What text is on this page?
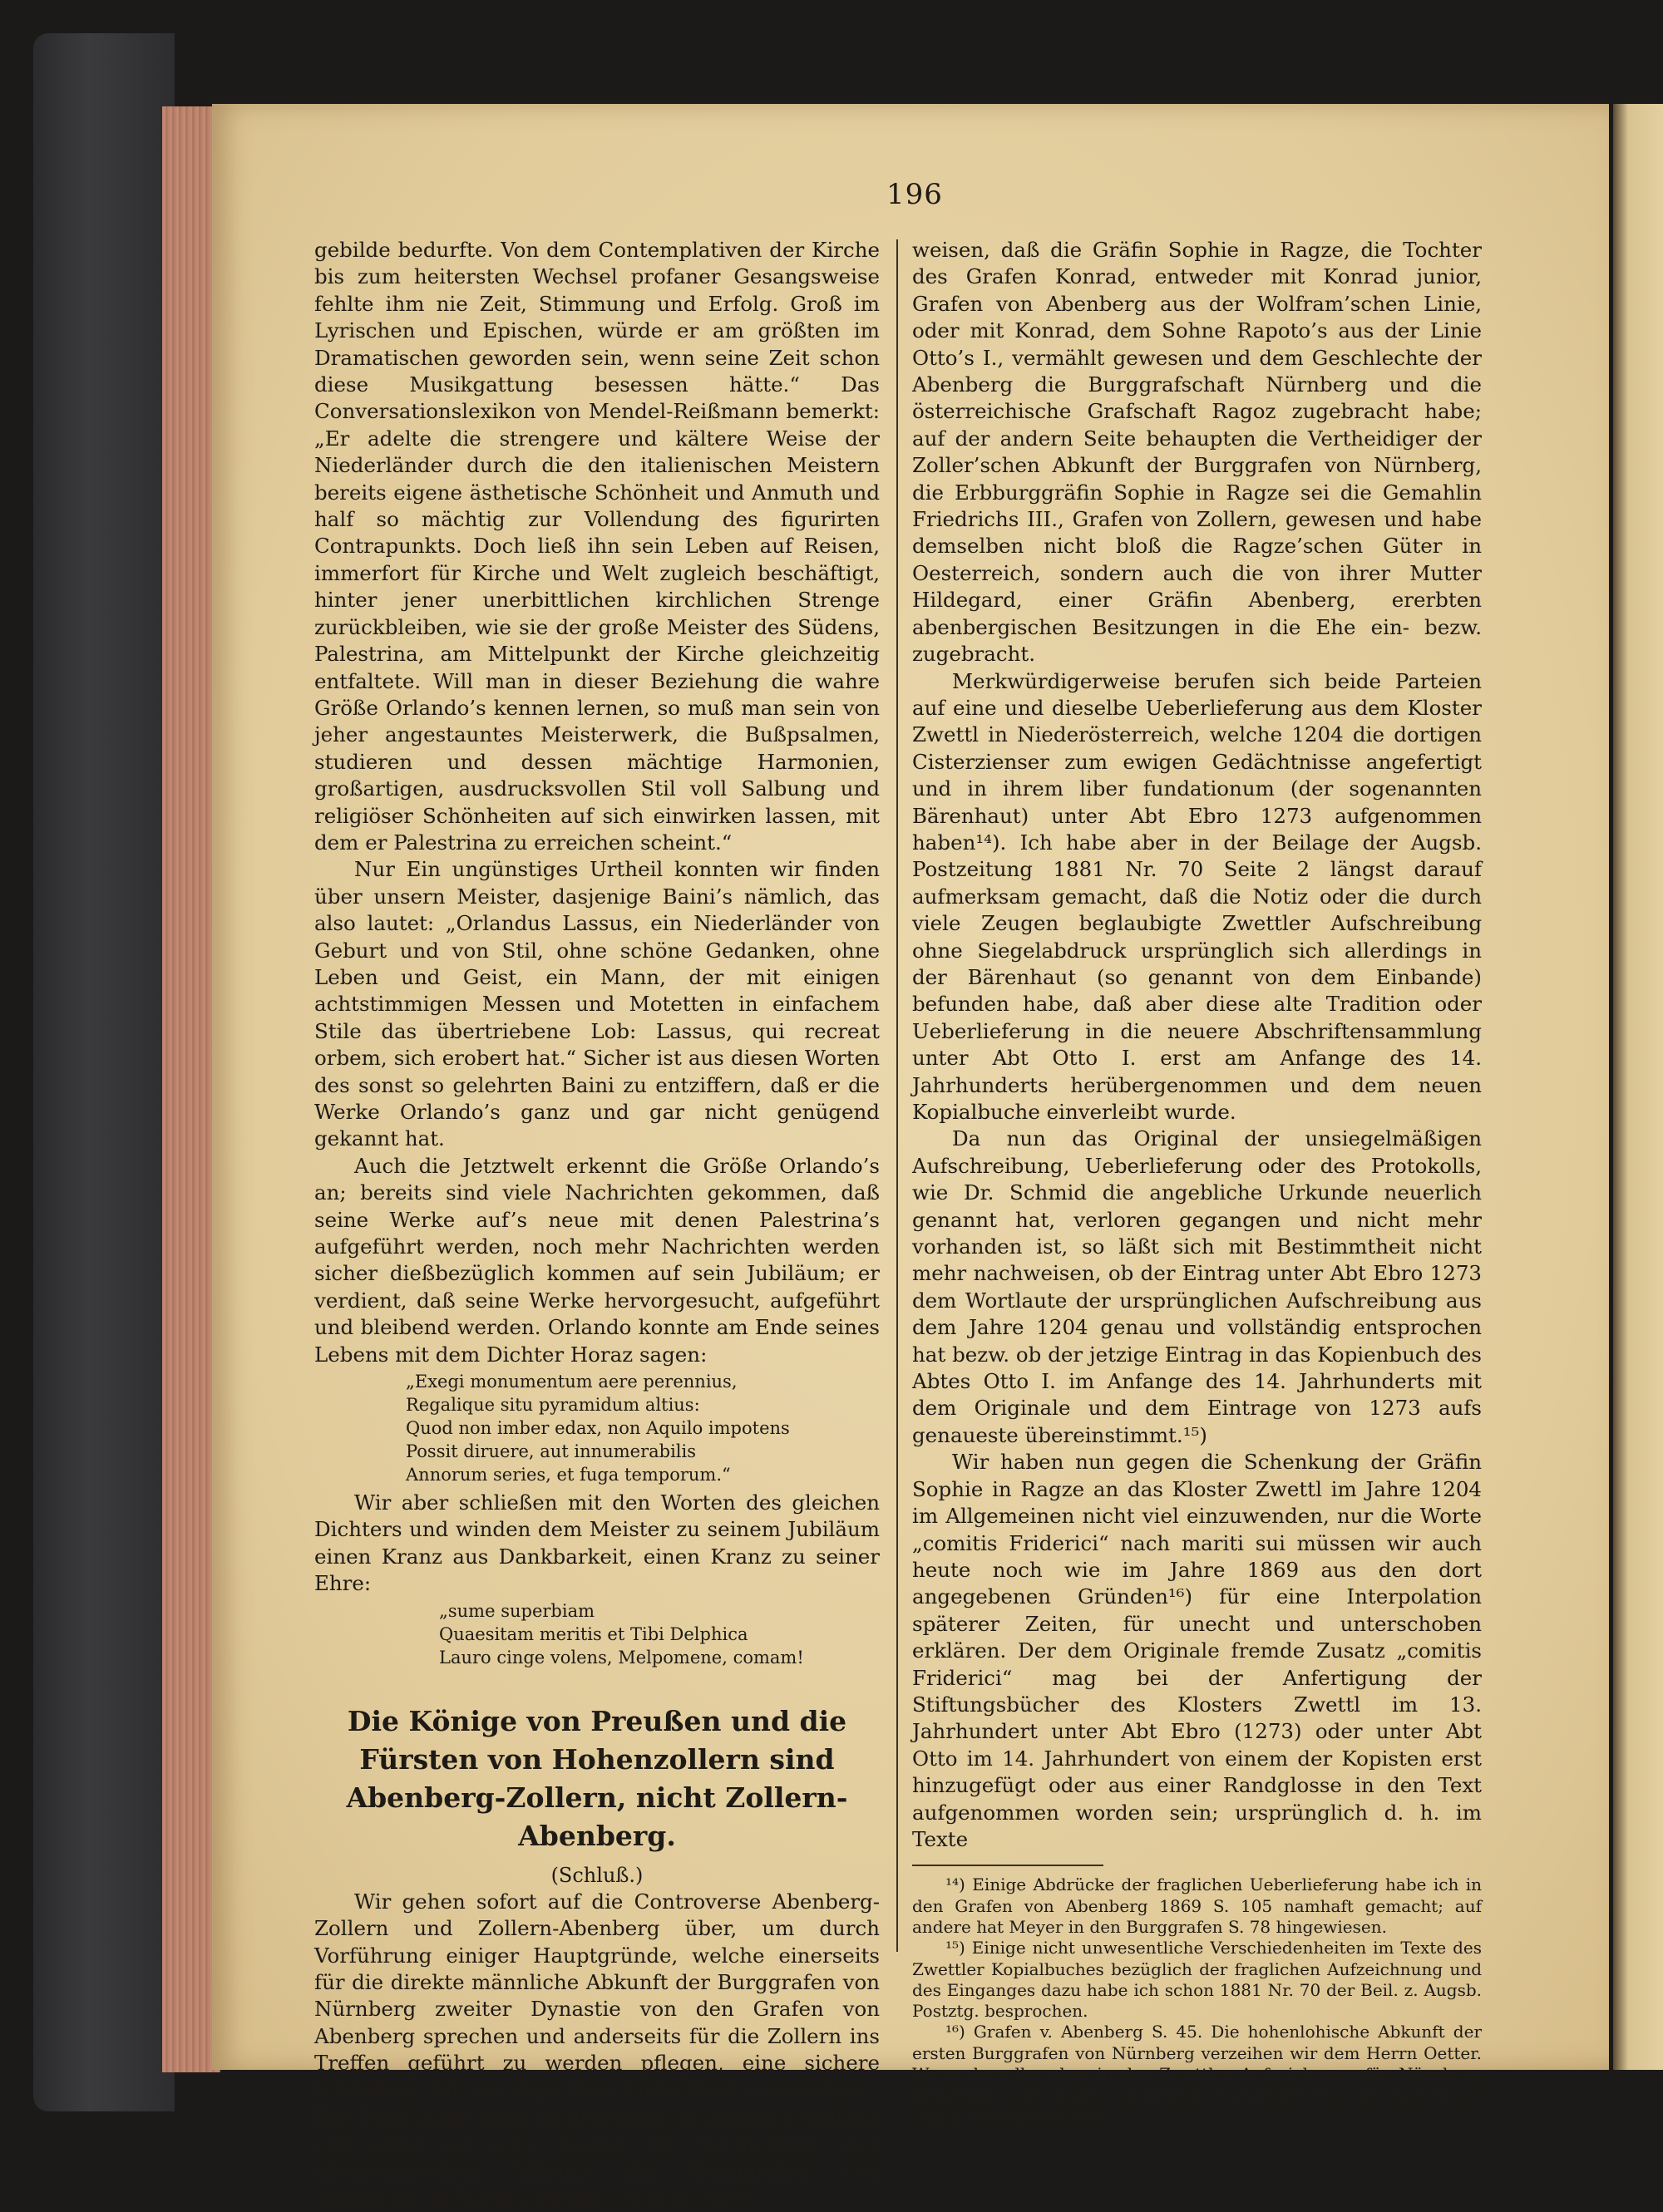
196

gebilde bedurfte. Von dem Contemplativen der Kirche bis zum heitersten Wechsel profaner Gesangsweise fehlte ihm nie Zeit, Stimmung und Erfolg. Groß im Lyrischen und Epischen, würde er am größten im Dramatischen geworden sein, wenn seine Zeit schon diese Musikgattung besessen hätte.“ Das Conversationslexikon von Mendel-Reißmann bemerkt: „Er adelte die strengere und kältere Weise der Niederländer durch die den italienischen Meistern bereits eigene ästhetische Schönheit und Anmuth und half so mächtig zur Vollendung des figurirten Contrapunkts. Doch ließ ihn sein Leben auf Reisen, immerfort für Kirche und Welt zugleich beschäftigt, hinter jener unerbittlichen kirchlichen Strenge zurückbleiben, wie sie der große Meister des Südens, Palestrina, am Mittelpunkt der Kirche gleichzeitig entfaltete. Will man in dieser Beziehung die wahre Größe Orlando’s kennen lernen, so muß man sein von jeher angestauntes Meisterwerk, die Bußpsalmen, studieren und dessen mächtige Harmonien, großartigen, ausdrucksvollen Stil voll Salbung und religiöser Schönheiten auf sich einwirken lassen, mit dem er Palestrina zu erreichen scheint.“

Nur Ein ungünstiges Urtheil konnten wir finden über unsern Meister, dasjenige Baini’s nämlich, das also lautet: „Orlandus Lassus, ein Niederländer von Geburt und von Stil, ohne schöne Gedanken, ohne Leben und Geist, ein Mann, der mit einigen achtstimmigen Messen und Motetten in einfachem Stile das übertriebene Lob: Lassus, qui recreat orbem, sich erobert hat.“ Sicher ist aus diesen Worten des sonst so gelehrten Baini zu entziffern, daß er die Werke Orlando’s ganz und gar nicht genügend gekannt hat.

Auch die Jetztwelt erkennt die Größe Orlando’s an; bereits sind viele Nachrichten gekommen, daß seine Werke auf’s neue mit denen Palestrina’s aufgeführt werden, noch mehr Nachrichten werden sicher dießbezüglich kommen auf sein Jubiläum; er verdient, daß seine Werke hervorgesucht, aufgeführt und bleibend werden. Orlando konnte am Ende seines Lebens mit dem Dichter Horaz sagen:

„Exegi monumentum aere perennius,
Regalique situ pyramidum altius:
Quod non imber edax, non Aquilo impotens
Possit diruere, aut innumerabilis
Annorum series, et fuga temporum.“

Wir aber schließen mit den Worten des gleichen Dichters und winden dem Meister zu seinem Jubiläum einen Kranz aus Dankbarkeit, einen Kranz zu seiner Ehre:

„sume superbiam
Quaesitam meritis et Tibi Delphica
Lauro cinge volens, Melpomene, comam!
Die Könige von Preußen und die Fürsten von Hohenzollern sind Abenberg-Zollern, nicht Zollern-Abenberg.
(Schluß.)

Wir gehen sofort auf die Controverse Abenberg-Zollern und Zollern-Abenberg über, um durch Vorführung einiger Hauptgründe, welche einerseits für die direkte männliche Abkunft der Burggrafen von Nürnberg zweiter Dynastie von den Grafen von Abenberg sprechen und anderseits für die Zollern ins Treffen geführt zu werden pflegen, eine sichere Grundlage für ein objectives Endurtheil zu gewinnen. Die Streitfrage liegt ja gegenwärtig ziemlich einfach und offen vor aller Augen. Die Vertheidiger der abenbergischen Abkunft der Burggrafen von Nürnberg im Mannsstamme suchen zu be-

weisen, daß die Gräfin Sophie in Ragze, die Tochter des Grafen Konrad, entweder mit Konrad junior, Grafen von Abenberg aus der Wolfram’schen Linie, oder mit Konrad, dem Sohne Rapoto’s aus der Linie Otto’s I., vermählt gewesen und dem Geschlechte der Abenberg die Burggrafschaft Nürnberg und die österreichische Grafschaft Ragoz zugebracht habe; auf der andern Seite behaupten die Vertheidiger der Zoller’schen Abkunft der Burggrafen von Nürnberg, die Erbburggräfin Sophie in Ragze sei die Gemahlin Friedrichs III., Grafen von Zollern, gewesen und habe demselben nicht bloß die Ragze’schen Güter in Oesterreich, sondern auch die von ihrer Mutter Hildegard, einer Gräfin Abenberg, ererbten abenbergischen Besitzungen in die Ehe ein- bezw. zugebracht.

Merkwürdigerweise berufen sich beide Parteien auf eine und dieselbe Ueberlieferung aus dem Kloster Zwettl in Niederösterreich, welche 1204 die dortigen Cisterzienser zum ewigen Gedächtnisse angefertigt und in ihrem liber fundationum (der sogenannten Bärenhaut) unter Abt Ebro 1273 aufgenommen haben¹⁴). Ich habe aber in der Beilage der Augsb. Postzeitung 1881 Nr. 70 Seite 2 längst darauf aufmerksam gemacht, daß die Notiz oder die durch viele Zeugen beglaubigte Zwettler Aufschreibung ohne Siegelabdruck ursprünglich sich allerdings in der Bärenhaut (so genannt von dem Einbande) befunden habe, daß aber diese alte Tradition oder Ueberlieferung in die neuere Abschriftensammlung unter Abt Otto I. erst am Anfange des 14. Jahrhunderts herübergenommen und dem neuen Kopialbuche einverleibt wurde.

Da nun das Original der unsiegelmäßigen Aufschreibung, Ueberlieferung oder des Protokolls, wie Dr. Schmid die angebliche Urkunde neuerlich genannt hat, verloren gegangen und nicht mehr vorhanden ist, so läßt sich mit Bestimmtheit nicht mehr nachweisen, ob der Eintrag unter Abt Ebro 1273 dem Wortlaute der ursprünglichen Aufschreibung aus dem Jahre 1204 genau und vollständig entsprochen hat bezw. ob der jetzige Eintrag in das Kopienbuch des Abtes Otto I. im Anfange des 14. Jahrhunderts mit dem Originale und dem Eintrage von 1273 aufs genaueste übereinstimmt.¹⁵)

Wir haben nun gegen die Schenkung der Gräfin Sophie in Ragze an das Kloster Zwettl im Jahre 1204 im Allgemeinen nicht viel einzuwenden, nur die Worte „comitis Friderici“ nach mariti sui müssen wir auch heute noch wie im Jahre 1869 aus den dort angegebenen Gründen¹⁶) für eine Interpolation späterer Zeiten, für unecht und unterschoben erklären. Der dem Originale fremde Zusatz „comitis Friderici“ mag bei der Anfertigung der Stiftungsbücher des Klosters Zwettl im 13. Jahrhundert unter Abt Ebro (1273) oder unter Abt Otto im 14. Jahrhundert von einem der Kopisten erst hinzugefügt oder aus einer Randglosse in den Text aufgenommen worden sein; ursprünglich d. h. im Texte

¹⁴) Einige Abdrücke der fraglichen Ueberlieferung habe ich in den Grafen von Abenberg 1869 S. 105 namhaft gemacht; auf andere hat Meyer in den Burggrafen S. 78 hingewiesen.

¹⁵) Einige nicht unwesentliche Verschiedenheiten im Texte des Zwettler Kopialbuches bezüglich der fraglichen Aufzeichnung und des Einganges dazu habe ich schon 1881 Nr. 70 der Beil. z. Augsb. Postztg. besprochen.

¹⁶) Grafen v. Abenberg S. 45. Die hohenlohische Abkunft der ersten Burggrafen von Nürnberg verzeihen wir dem Herrn Oetter. Wenn derselbe aber in der Zwettler Aufzeichnung für Nürnberg Rumburg lesen wollte, so wurde er deßfalls von Archivar Spieß schon zurechtgewiesen.
